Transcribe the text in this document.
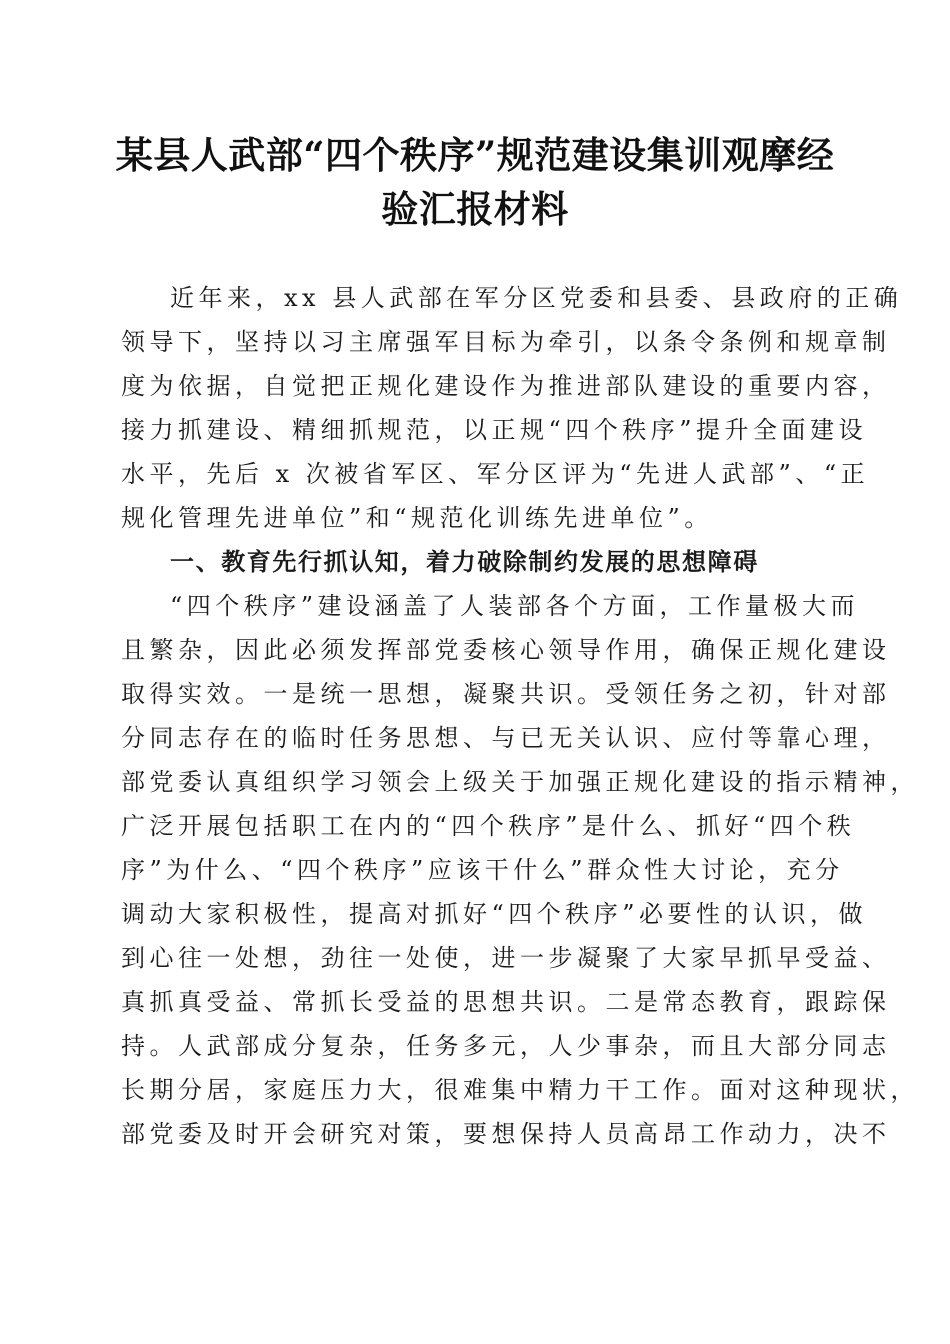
某县人武部“四个秩序”规范建设集训观摩经
验汇报材料
近年来，xx 县人武部在军分区党委和县委、县政府的正确
领导下，坚持以习主席强军目标为牵引，以条令条例和规章制
度为依据，自觉把正规化建设作为推进部队建设的重要内容，
接力抓建设、精细抓规范，以正规“四个秩序”提升全面建设
水平，先后 x 次被省军区、军分区评为“先进人武部”、“正
规化管理先进单位”和“规范化训练先进单位”。
一、教育先行抓认知，着力破除制约发展的思想障碍
“四个秩序”建设涵盖了人装部各个方面，工作量极大而
且繁杂，因此必须发挥部党委核心领导作用，确保正规化建设
取得实效。一是统一思想，凝聚共识。受领任务之初，针对部
分同志存在的临时任务思想、与已无关认识、应付等靠心理，
部党委认真组织学习领会上级关于加强正规化建设的指示精神，
广泛开展包括职工在内的“四个秩序”是什么、抓好“四个秩
序”为什么、“四个秩序”应该干什么”群众性大讨论，充分
调动大家积极性，提高对抓好“四个秩序”必要性的认识，做
到心往一处想，劲往一处使，进一步凝聚了大家早抓早受益、
真抓真受益、常抓长受益的思想共识。二是常态教育，跟踪保
持。人武部成分复杂，任务多元，人少事杂，而且大部分同志
长期分居，家庭压力大，很难集中精力干工作。面对这种现状，
部党委及时开会研究对策，要想保持人员高昂工作动力，决不
